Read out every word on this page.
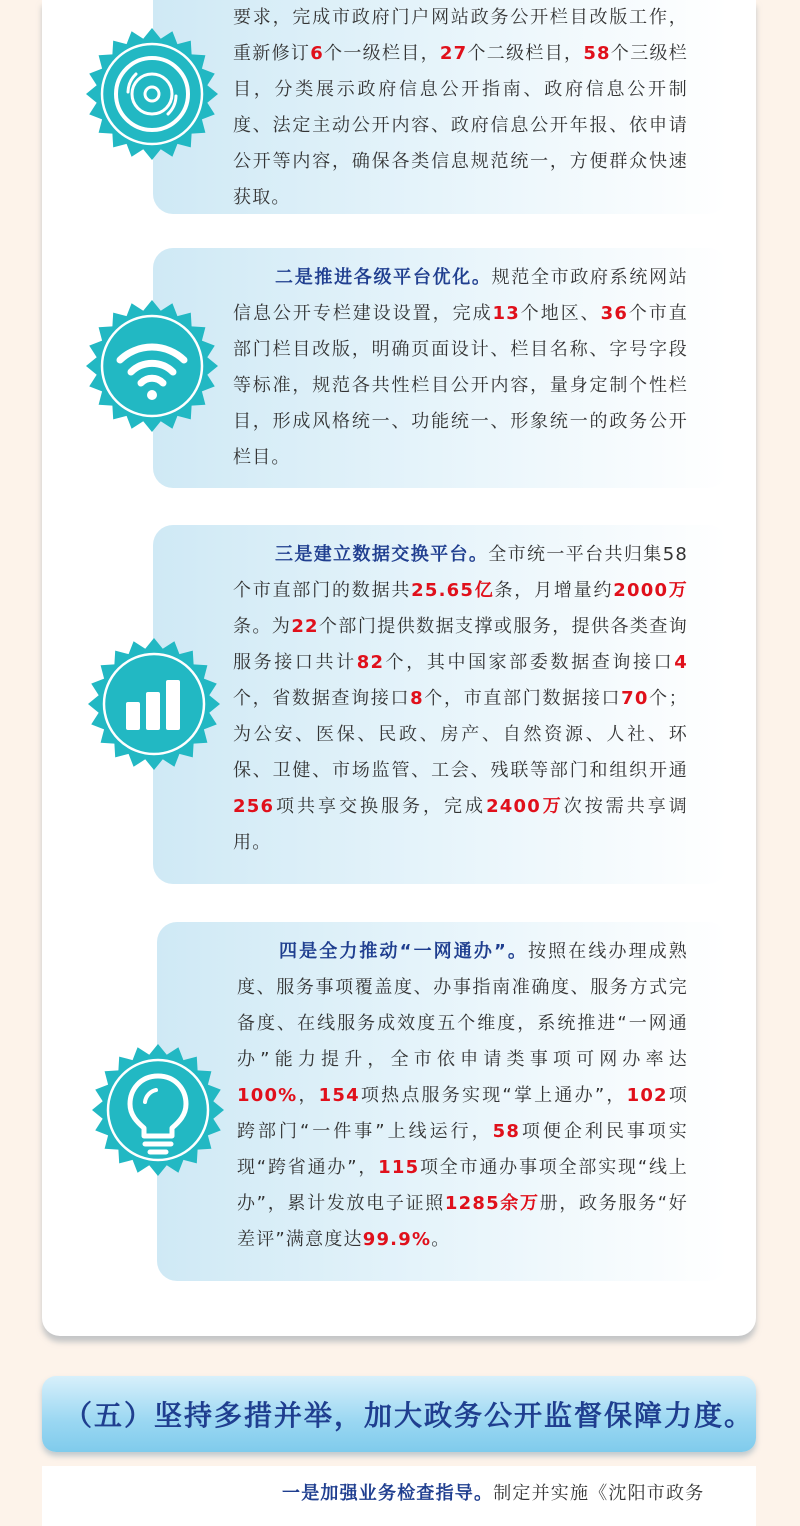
要求，完成市政府门户网站政务公开栏目改版工作，重新修订6个一级栏目，27个二级栏目，58个三级栏目，分类展示政府信息公开指南、政府信息公开制度、法定主动公开内容、政府信息公开年报、依申请公开等内容，确保各类信息规范统一，方便群众快速获取。
二是推进各级平台优化。规范全市政府系统网站信息公开专栏建设设置，完成13个地区、36个市直部门栏目改版，明确页面设计、栏目名称、字号字段等标准，规范各共性栏目公开内容，量身定制个性栏目，形成风格统一、功能统一、形象统一的政务公开栏目。
三是建立数据交换平台。全市统一平台共归集58个市直部门的数据共25.65亿条，月增量约2000万条。为22个部门提供数据支撑或服务，提供各类查询服务接口共计82个，其中国家部委数据查询接口4个，省数据查询接口8个，市直部门数据接口70个；为公安、医保、民政、房产、自然资源、人社、环保、卫健、市场监管、工会、残联等部门和组织开通256项共享交换服务，完成2400万次按需共享调用。
四是全力推动“一网通办”。按照在线办理成熟度、服务事项覆盖度、办事指南准确度、服务方式完备度、在线服务成效度五个维度，系统推进“一网通办”能力提升，全市依申请类事项可网办率达100%，154项热点服务实现“掌上通办”，102项跨部门“一件事”上线运行，58项便企利民事项实现“跨省通办”，115项全市通办事项全部实现“线上办”，累计发放电子证照1285余万册，政务服务“好差评”满意度达99.9%。
（五）坚持多措并举，加大政务公开监督保障力度。
一是加强业务检查指导。制定并实施《沈阳市政务
